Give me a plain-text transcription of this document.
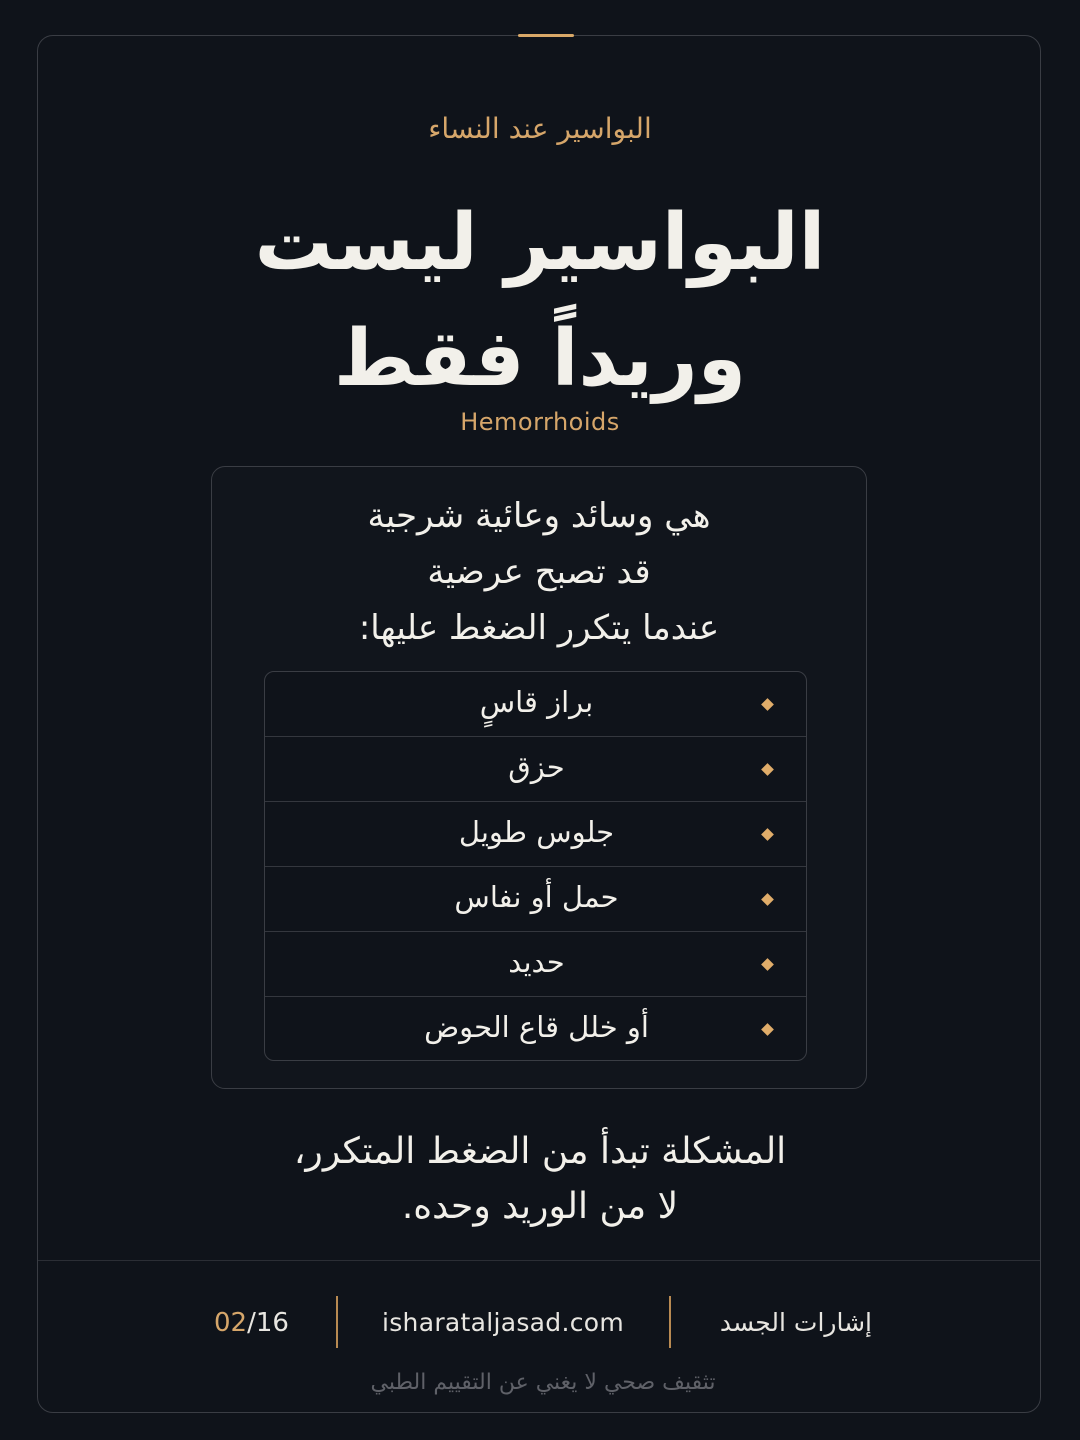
البواسير عند النساء
البواسير ليست
وريداً فقط
Hemorrhoids
هي وسائد وعائية شرجية
قد تصبح عرضية
عندما يتكرر الضغط عليها:
براز قاسٍ
حزق
جلوس طويل
حمل أو نفاس
حديد
أو خلل قاع الحوض
المشكلة تبدأ من الضغط المتكرر،
لا من الوريد وحده.
إشارات الجسد
isharataljasad.com
02/16
تثقيف صحي لا يغني عن التقييم الطبي
